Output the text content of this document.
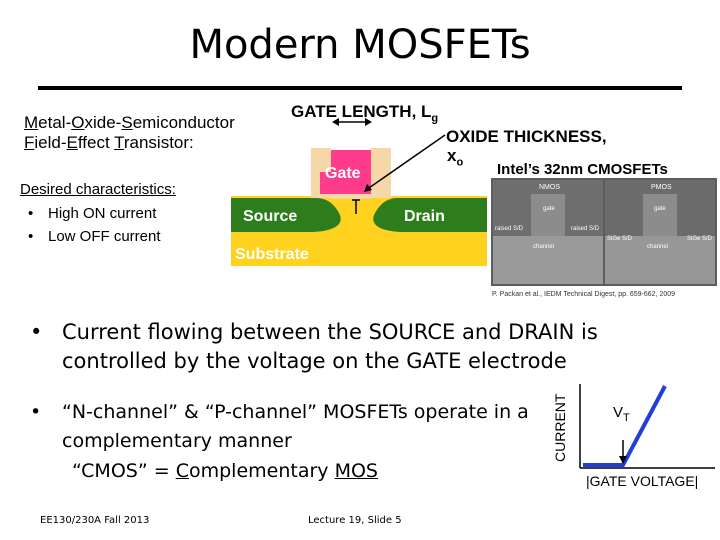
Modern MOSFETs
Metal-Oxide-Semiconductor
Field-Effect Transistor:
Desired characteristics:
• High ON current
• Low OFF current
GATE LENGTH, $L_g$
OXIDE THICKNESS,
$x_o$
Gate
Source	Drain
Substrate
Intel’s 32nm CMOSFETs
NMOS	PMOS
gate
raised S/D	raised S/D
channel
gate
SiGe S/D	SiGe S/D
channel
P. Packan et al., IEDM Technical Digest, pp. 659-662, 2009
• Current flowing between the SOURCE and DRAIN is controlled by the voltage on the GATE electrode
• “N-channel” & “P-channel” MOSFETs operate in a complementary manner
“CMOS” = Complementary MOS
CURRENT	$V_T$
|GATE VOLTAGE|
EE130/230A Fall 2013	Lecture 19, Slide 5
